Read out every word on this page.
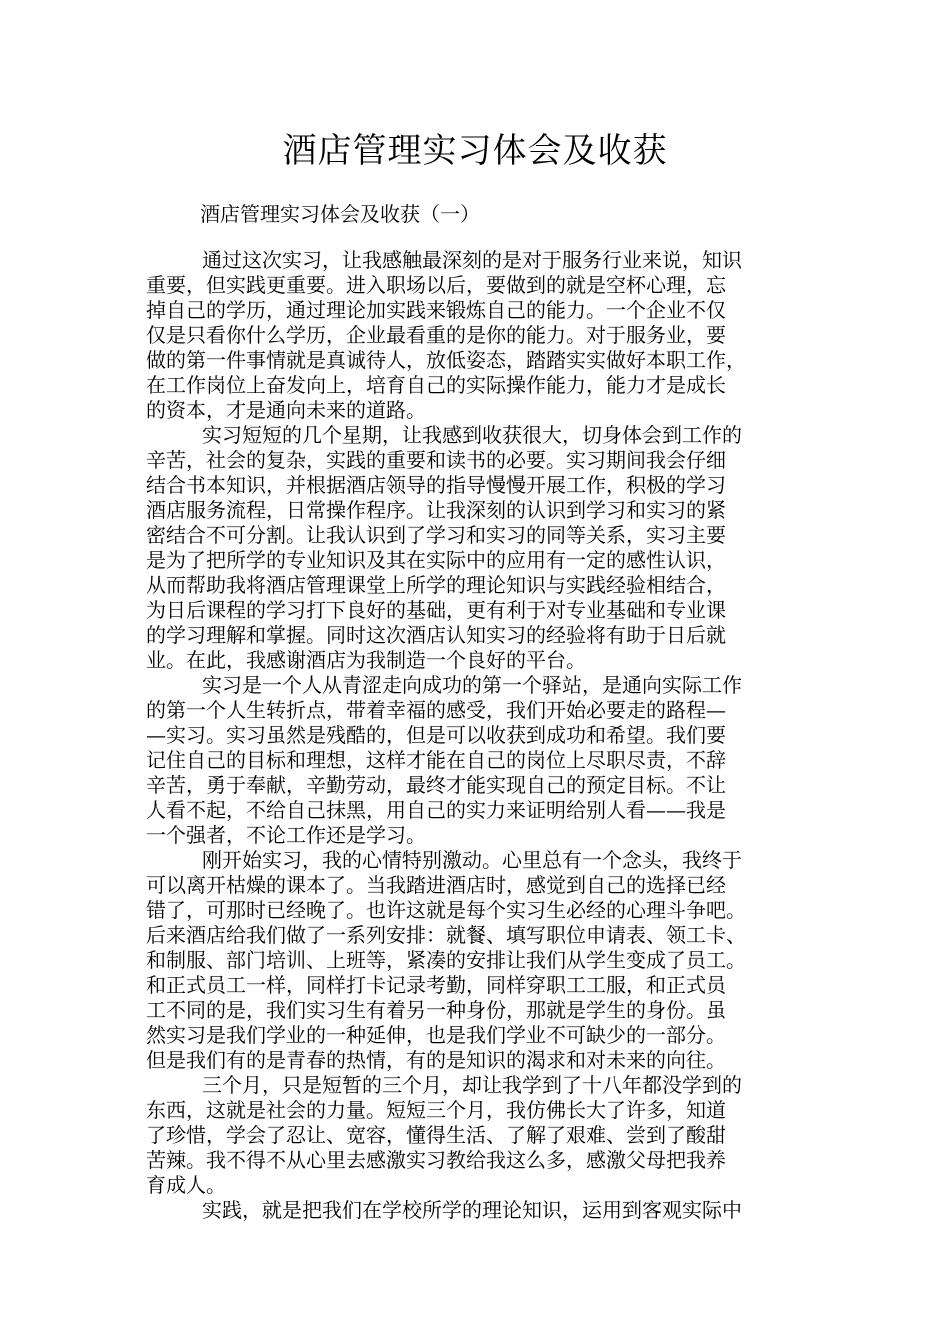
酒店管理实习体会及收获

酒店管理实习体会及收获（一）

通过这次实习，让我感触最深刻的是对于服务行业来说，知识
重要，但实践更重要。进入职场以后，要做到的就是空杯心理，忘
掉自己的学历，通过理论加实践来锻炼自己的能力。一个企业不仅
仅是只看你什么学历，企业最看重的是你的能力。对于服务业，要
做的第一件事情就是真诚待人，放低姿态，踏踏实实做好本职工作，
在工作岗位上奋发向上，培育自己的实际操作能力，能力才是成长
的资本，才是通向未来的道路。

实习短短的几个星期，让我感到收获很大，切身体会到工作的
辛苦，社会的复杂，实践的重要和读书的必要。实习期间我会仔细
结合书本知识，并根据酒店领导的指导慢慢开展工作，积极的学习
酒店服务流程，日常操作程序。让我深刻的认识到学习和实习的紧
密结合不可分割。让我认识到了学习和实习的同等关系，实习主要
是为了把所学的专业知识及其在实际中的应用有一定的感性认识，
从而帮助我将酒店管理课堂上所学的理论知识与实践经验相结合，
为日后课程的学习打下良好的基础，更有利于对专业基础和专业课
的学习理解和掌握。同时这次酒店认知实习的经验将有助于日后就
业。在此，我感谢酒店为我制造一个良好的平台。

实习是一个人从青涩走向成功的第一个驿站，是通向实际工作
的第一个人生转折点，带着幸福的感受，我们开始必要走的路程—
—实习。实习虽然是残酷的，但是可以收获到成功和希望。我们要
记住自己的目标和理想，这样才能在自己的岗位上尽职尽责，不辞
辛苦，勇于奉献，辛勤劳动，最终才能实现自己的预定目标。不让
人看不起，不给自己抹黑，用自己的实力来证明给别人看——我是
一个强者，不论工作还是学习。

刚开始实习，我的心情特别激动。心里总有一个念头，我终于
可以离开枯燥的课本了。当我踏进酒店时，感觉到自己的选择已经
错了，可那时已经晚了。也许这就是每个实习生必经的心理斗争吧。
后来酒店给我们做了一系列安排：就餐、填写职位申请表、领工卡、
和制服、部门培训、上班等，紧凑的安排让我们从学生变成了员工。
和正式员工一样，同样打卡记录考勤，同样穿职工工服，和正式员
工不同的是，我们实习生有着另一种身份，那就是学生的身份。虽
然实习是我们学业的一种延伸，也是我们学业不可缺少的一部分。
但是我们有的是青春的热情，有的是知识的渴求和对未来的向往。

三个月，只是短暂的三个月，却让我学到了十八年都没学到的
东西，这就是社会的力量。短短三个月，我仿佛长大了许多，知道
了珍惜，学会了忍让、宽容，懂得生活、了解了艰难、尝到了酸甜
苦辣。我不得不从心里去感激实习教给我这么多，感激父母把我养
育成人。

实践，就是把我们在学校所学的理论知识，运用到客观实际中
